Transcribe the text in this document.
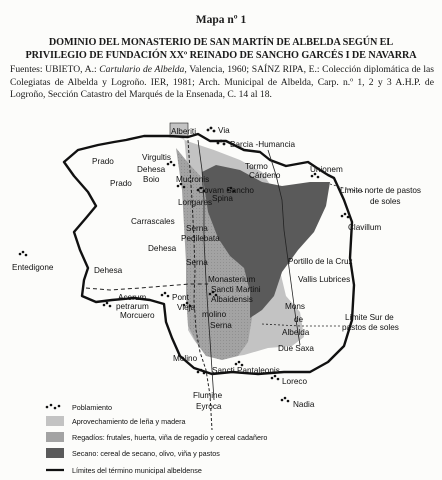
Mapa nº 1
DOMINIO DEL MONASTERIO DE SAN MARTÍN DE ALBELDA SEGÚN EL
PRIVILEGIO DE FUNDACIÓN XXº REINADO DE SANCHO GARCÉS I DE NAVARRA
Fuentes: UBIETO, A.: Cartulario de Albelda, Valencia, 1960; SAÍNZ RIPA, E.: Colección diplomática de las Colegiatas de Albelda y Logroño. IER, 1981; Arch. Municipal de Albelda, Carp. n.º 1, 2 y 3 A.H.P. de Logroño, Sección Catastro del Marqués de la Ensenada, C. 14 al 18.
Alberiti	Via
Barcia -Humancia
Virgultis
Prado
Dehesa
Prado Boio Mucronis
Tormo
Cárdeno
Unionem
Covam Sancho
Spina
Longares
Límite norte de pastos
de soles
Clavillum
Carrascales
Serna
Pedilebata
Dehesa
Entedigone
Serna	Portillo de la Cruz
Vallis Lubrices
Dehesa
Monasterium
Sancti Martini
Albaidensis
Acerum
petrarum
Morcuero
Pont
Vieja
molino
Mons
de
Albelda
Límite Sur de
pastos de soles
Serna
Due Saxa
Molino
Sancti Pantaleonis
Loreco
Flumine
Eyroca	Nadia
Poblamiento
Aprovechamiento de leña y madera
Regadíos: frutales, huerta, viña de regadío y cereal cadañero
Secano: cereal de secano, olivo, viña y pastos
Límites del término municipal albeldense
